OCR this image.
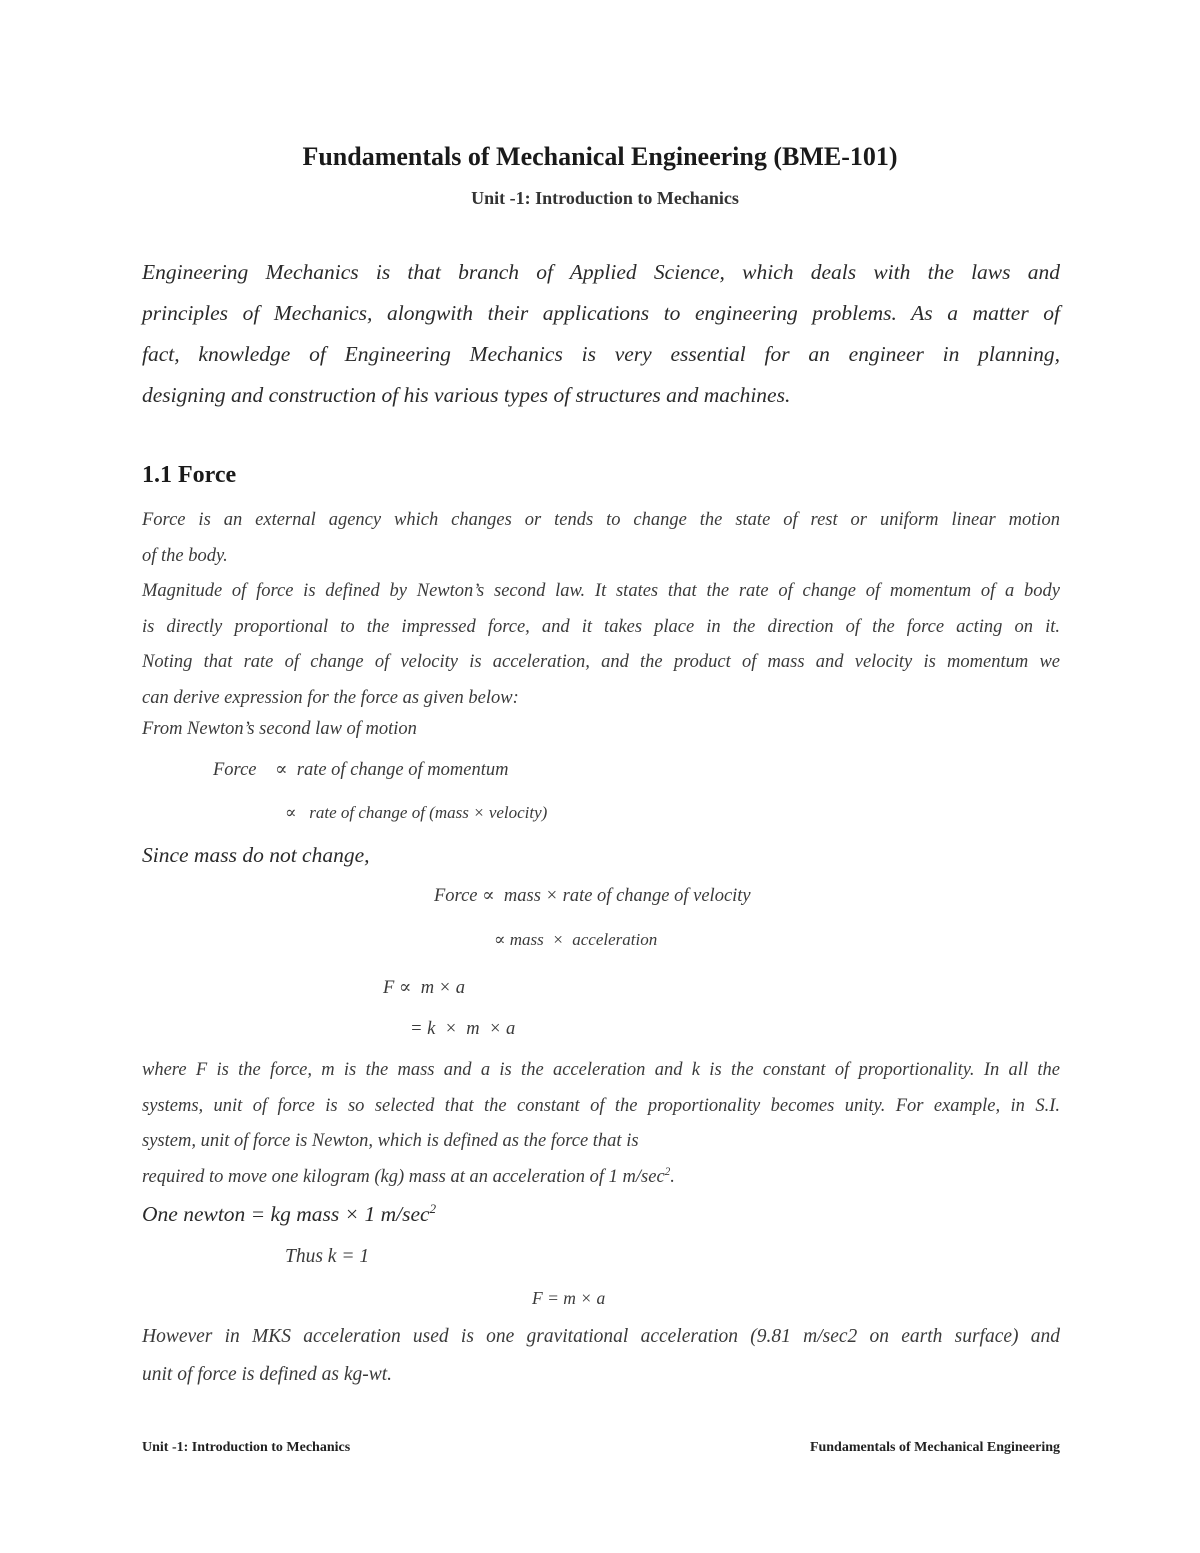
Fundamentals of Mechanical Engineering (BME-101)
Unit -1: Introduction to Mechanics
Engineering Mechanics is that branch of Applied Science, which deals with the laws and
principles of Mechanics, alongwith their applications to engineering problems. As a matter of
fact, knowledge of Engineering Mechanics is very essential for an engineer in planning,
designing and construction of his various types of structures and machines.
1.1 Force
Force is an external agency which changes or tends to change the state of rest or uniform linear motion
of the body.
Magnitude of force is defined by Newton’s second law. It states that the rate of change of momentum of a body
is directly proportional to the impressed force, and it takes place in the direction of the force acting on it.
Noting that rate of change of velocity is acceleration, and the product of mass and velocity is momentum we
can derive expression for the force as given below:
From Newton’s second law of motion
Force    ∝  rate of change of momentum
∝   rate of change of (mass × velocity)
Since mass do not change,
Force ∝  mass × rate of change of velocity
∝ mass  ×  acceleration
F ∝  m × a
= k  ×  m  × a
where F is the force, m is the mass and a is the acceleration and k is the constant of proportionality. In all the
systems, unit of force is so selected that the constant of the proportionality becomes unity. For example, in S.I.
system, unit of force is Newton, which is defined as the force that is
required to move one kilogram (kg) mass at an acceleration of 1 $m/\sec^2$.
One newton = kg mass × 1 $m/\sec^2$
Thus k = 1
F = m × a
However in MKS acceleration used is one gravitational acceleration (9.81 m/sec2 on earth surface) and
unit of force is defined as kg-wt.
Unit -1: Introduction to Mechanics	Fundamentals of Mechanical Engineering
